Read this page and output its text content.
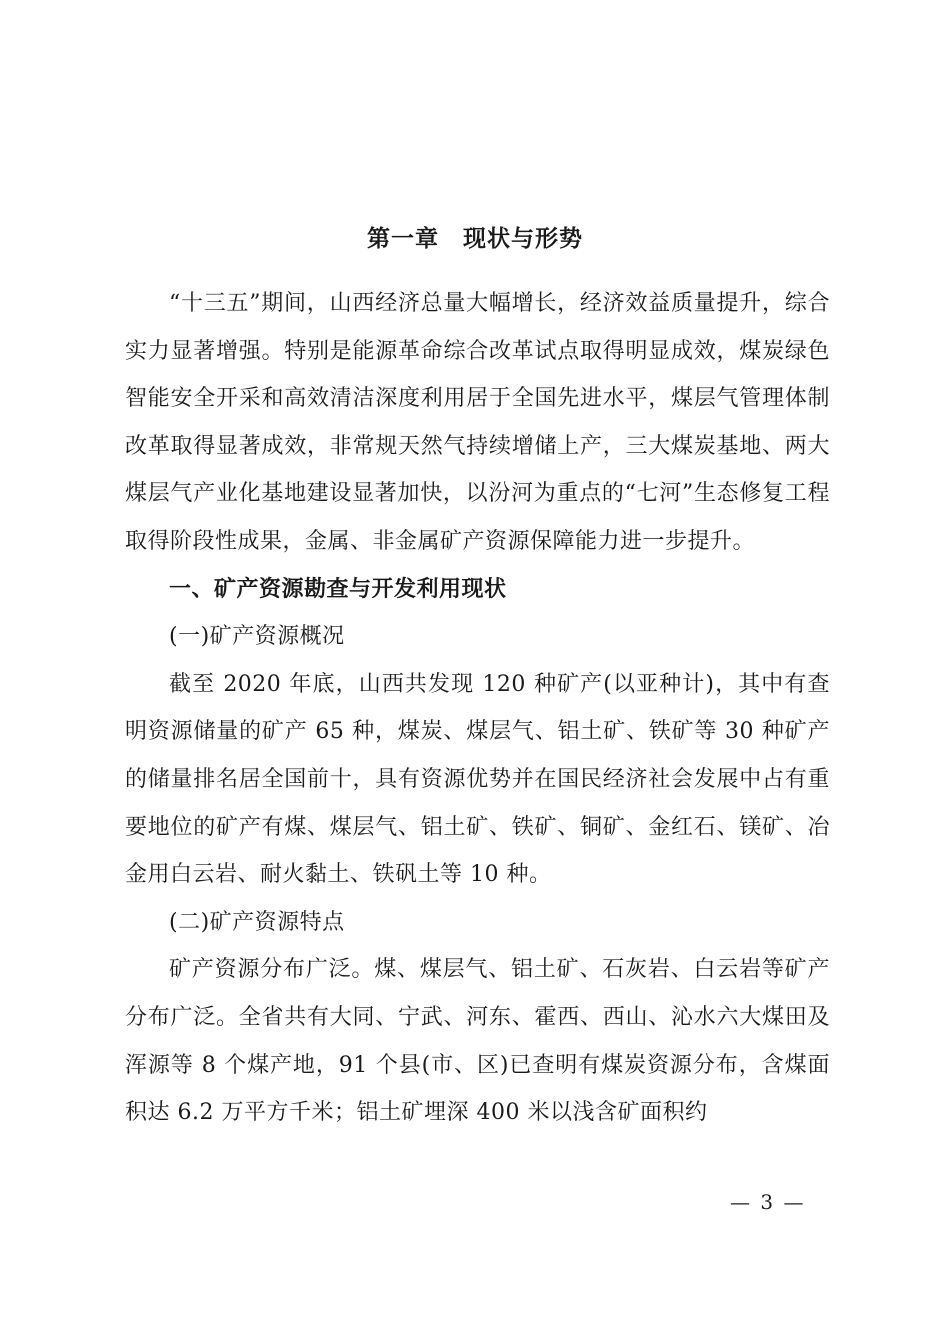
第一章　现状与形势

“十三五”期间，山西经济总量大幅增长，经济效益质量提升，综合实力显著增强。特别是能源革命综合改革试点取得明显成效，煤炭绿色智能安全开采和高效清洁深度利用居于全国先进水平，煤层气管理体制改革取得显著成效，非常规天然气持续增储上产，三大煤炭基地、两大煤层气产业化基地建设显著加快，以汾河为重点的“七河”生态修复工程取得阶段性成果，金属、非金属矿产资源保障能力进一步提升。

一、矿产资源勘查与开发利用现状

(一)矿产资源概况

截至 2020 年底，山西共发现 120 种矿产(以亚种计)，其中有查明资源储量的矿产 65 种，煤炭、煤层气、铝土矿、铁矿等 30 种矿产的储量排名居全国前十，具有资源优势并在国民经济社会发展中占有重要地位的矿产有煤、煤层气、铝土矿、铁矿、铜矿、金红石、镁矿、冶金用白云岩、耐火黏土、铁矾土等 10 种。

(二)矿产资源特点

矿产资源分布广泛。煤、煤层气、铝土矿、石灰岩、白云岩等矿产分布广泛。全省共有大同、宁武、河东、霍西、西山、沁水六大煤田及浑源等 8 个煤产地，91 个县(市、区)已查明有煤炭资源分布，含煤面积达 6.2 万平方千米；铝土矿埋深 400 米以浅含矿面积约

— 3 —
